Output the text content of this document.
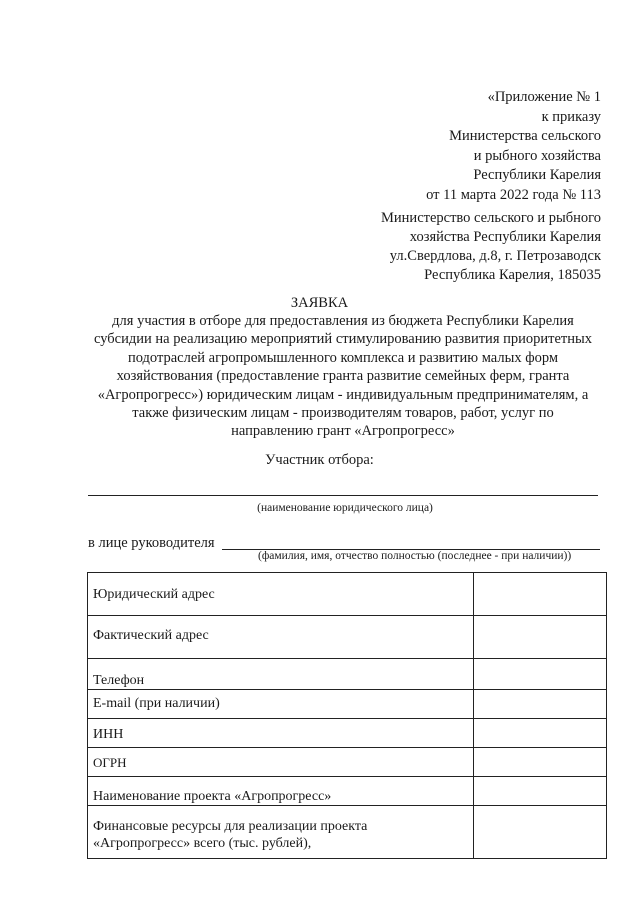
«Приложение № 1
к приказу
Министерства сельского
и рыбного хозяйства
Республики Карелия
от 11 марта 2022 года № 113
Министерство сельского и рыбного
хозяйства Республики Карелия
ул.Свердлова, д.8, г. Петрозаводск
Республика Карелия, 185035
ЗАЯВКА
для участия в отборе для предоставления из бюджета Республики Карелия
субсидии на реализацию мероприятий стимулированию развития приоритетных
подотраслей агропромышленного комплекса и развитию малых форм
хозяйствования (предоставление гранта развитие семейных ферм, гранта
«Агропрогресс») юридическим лицам - индивидуальным предпринимателям, а
также физическим лицам - производителям товаров, работ, услуг по
направлению грант «Агропрогресс»
Участник отбора:
(наименование юридического лица)
в лице руководителя
(фамилия, имя, отчество полностью (последнее - при наличии))
Юридический адрес	

Фактический адрес	

Телефон	

E-mail (при наличии)	

ИНН	

ОГРН	

Наименование проекта «Агропрогресс»	

Финансовые ресурсы для реализации проекта
«Агропрогресс» всего (тыс. рублей),	
